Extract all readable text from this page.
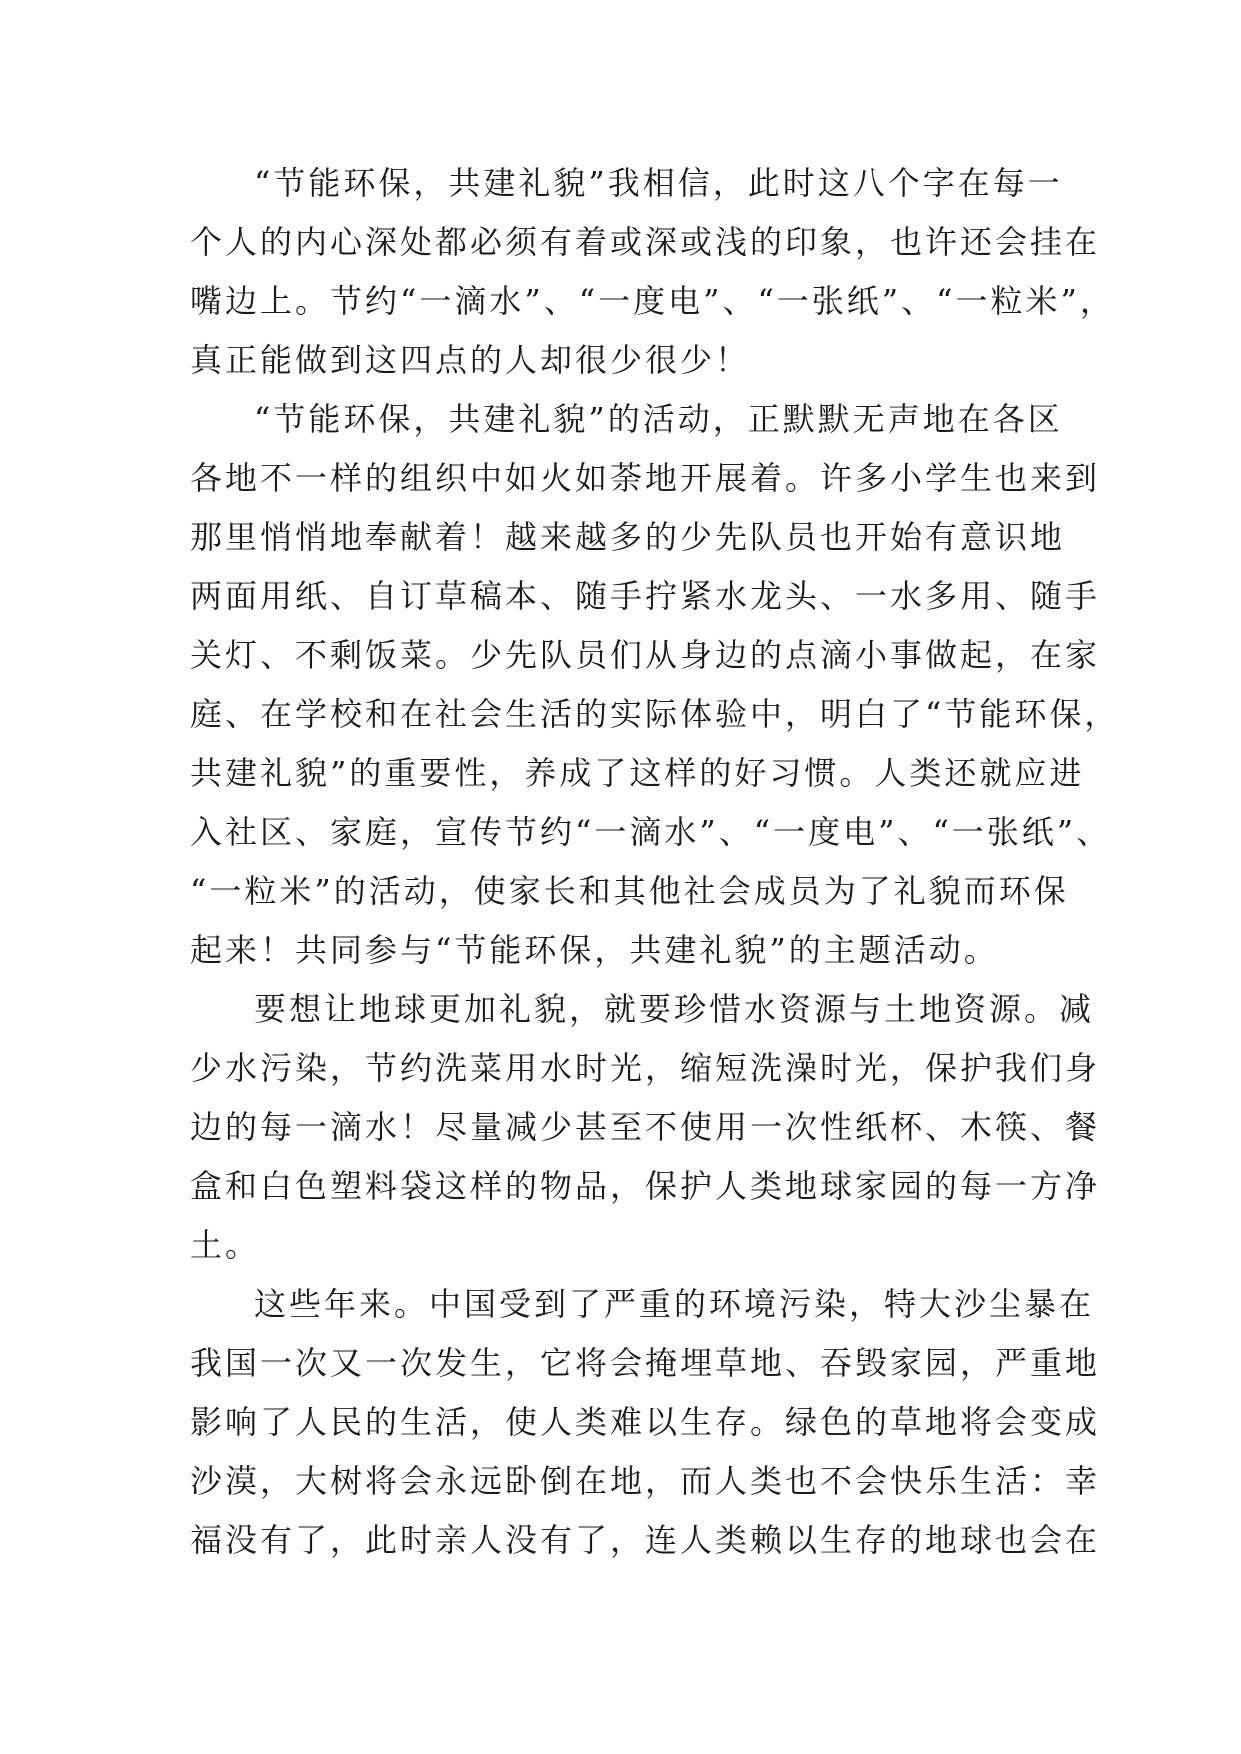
“节能环保，共建礼貌”我相信，此时这八个字在每一
个人的内心深处都必须有着或深或浅的印象，也许还会挂在
嘴边上。节约“一滴水”、“一度电”、“一张纸”、“一粒米”，
真正能做到这四点的人却很少很少！
“节能环保，共建礼貌”的活动，正默默无声地在各区
各地不一样的组织中如火如荼地开展着。许多小学生也来到
那里悄悄地奉献着！越来越多的少先队员也开始有意识地
两面用纸、自订草稿本、随手拧紧水龙头、一水多用、随手
关灯、不剩饭菜。少先队员们从身边的点滴小事做起，在家
庭、在学校和在社会生活的实际体验中，明白了“节能环保，
共建礼貌”的重要性，养成了这样的好习惯。人类还就应进
入社区、家庭，宣传节约“一滴水”、“一度电”、“一张纸”、
“一粒米”的活动，使家长和其他社会成员为了礼貌而环保
起来！共同参与“节能环保，共建礼貌”的主题活动。
要想让地球更加礼貌，就要珍惜水资源与土地资源。减
少水污染，节约洗菜用水时光，缩短洗澡时光，保护我们身
边的每一滴水！尽量减少甚至不使用一次性纸杯、木筷、餐
盒和白色塑料袋这样的物品，保护人类地球家园的每一方净
土。
这些年来。中国受到了严重的环境污染，特大沙尘暴在
我国一次又一次发生，它将会掩埋草地、吞毁家园，严重地
影响了人民的生活，使人类难以生存。绿色的草地将会变成
沙漠，大树将会永远卧倒在地，而人类也不会快乐生活：幸
福没有了，此时亲人没有了，连人类赖以生存的地球也会在
